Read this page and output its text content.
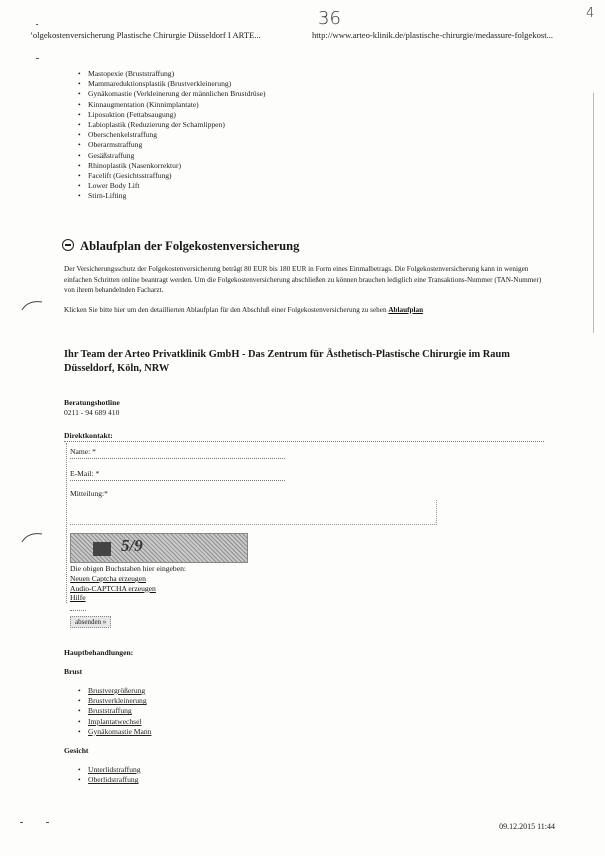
’olgekostenversicherung Plastische Chirurgie Düsseldorf I ARTE...	http://www.arteo-klinik.de/plastische-chirurgie/medassure-folgekost...
36	4
• Mastopexie (Bruststraffung)
• Mammareduktionsplastik (Brustverkleinerung)
• Gynäkomastie (Verkleinerung der männlichen Brustdrüse)
• Kinnaugmentation (Kinnimplantate)
• Liposuktion (Fettabsaugung)
• Labioplastik (Reduzierung der Schamlippen)
• Oberschenkelstraffung
• Oberarmstraffung
• Gesäßstraffung
• Rhinoplastik (Nasenkorrektur)
• Facelift (Gesichtsstraffung)
• Lower Body Lift
• Stirn-Lifting
Ablaufplan der Folgekostenversicherung
Der Versicherungsschutz der Folgekostenversicherung beträgt 80 EUR bis 180 EUR in Form eines Einmalbetrags. Die Folgekostenversicherung kann in wenigen einfachen Schritten online beantragt werden. Um die Folgekostenversicherung abschließen zu können brauchen lediglich eine Transaktions-Nummer (TAN-Nummer) von ihrem behandelnden Facharzt.
Klicken Sie bitte hier um den detaillierten Ablaufplan für den Abschluß einer Folgekostenversicherung zu sehen Ablaufplan
Ihr Team der Arteo Privatklinik GmbH - Das Zentrum für Ästhetisch-Plastische Chirurgie im Raum Düsseldorf, Köln, NRW
Beratungshotline
0211 - 94 689 410
Direktkontakt:
Name: *
E-Mail: *
Mitteilung:*
5/9
Die obigen Buchstaben hier eingeben:
Neuen Captcha erzeugen
Audio-CAPTCHA erzeugen
Hilfe
absenden »
Hauptbehandlungen:
Brust
• Brustvergrößerung
• Brustverkleinerung
• Bruststraffung
• Implantatwechsel
• Gynäkomastie Mann
Gesicht
• Unterlidstraffung
• Oberlidstraffung
09.12.2015 11:44
